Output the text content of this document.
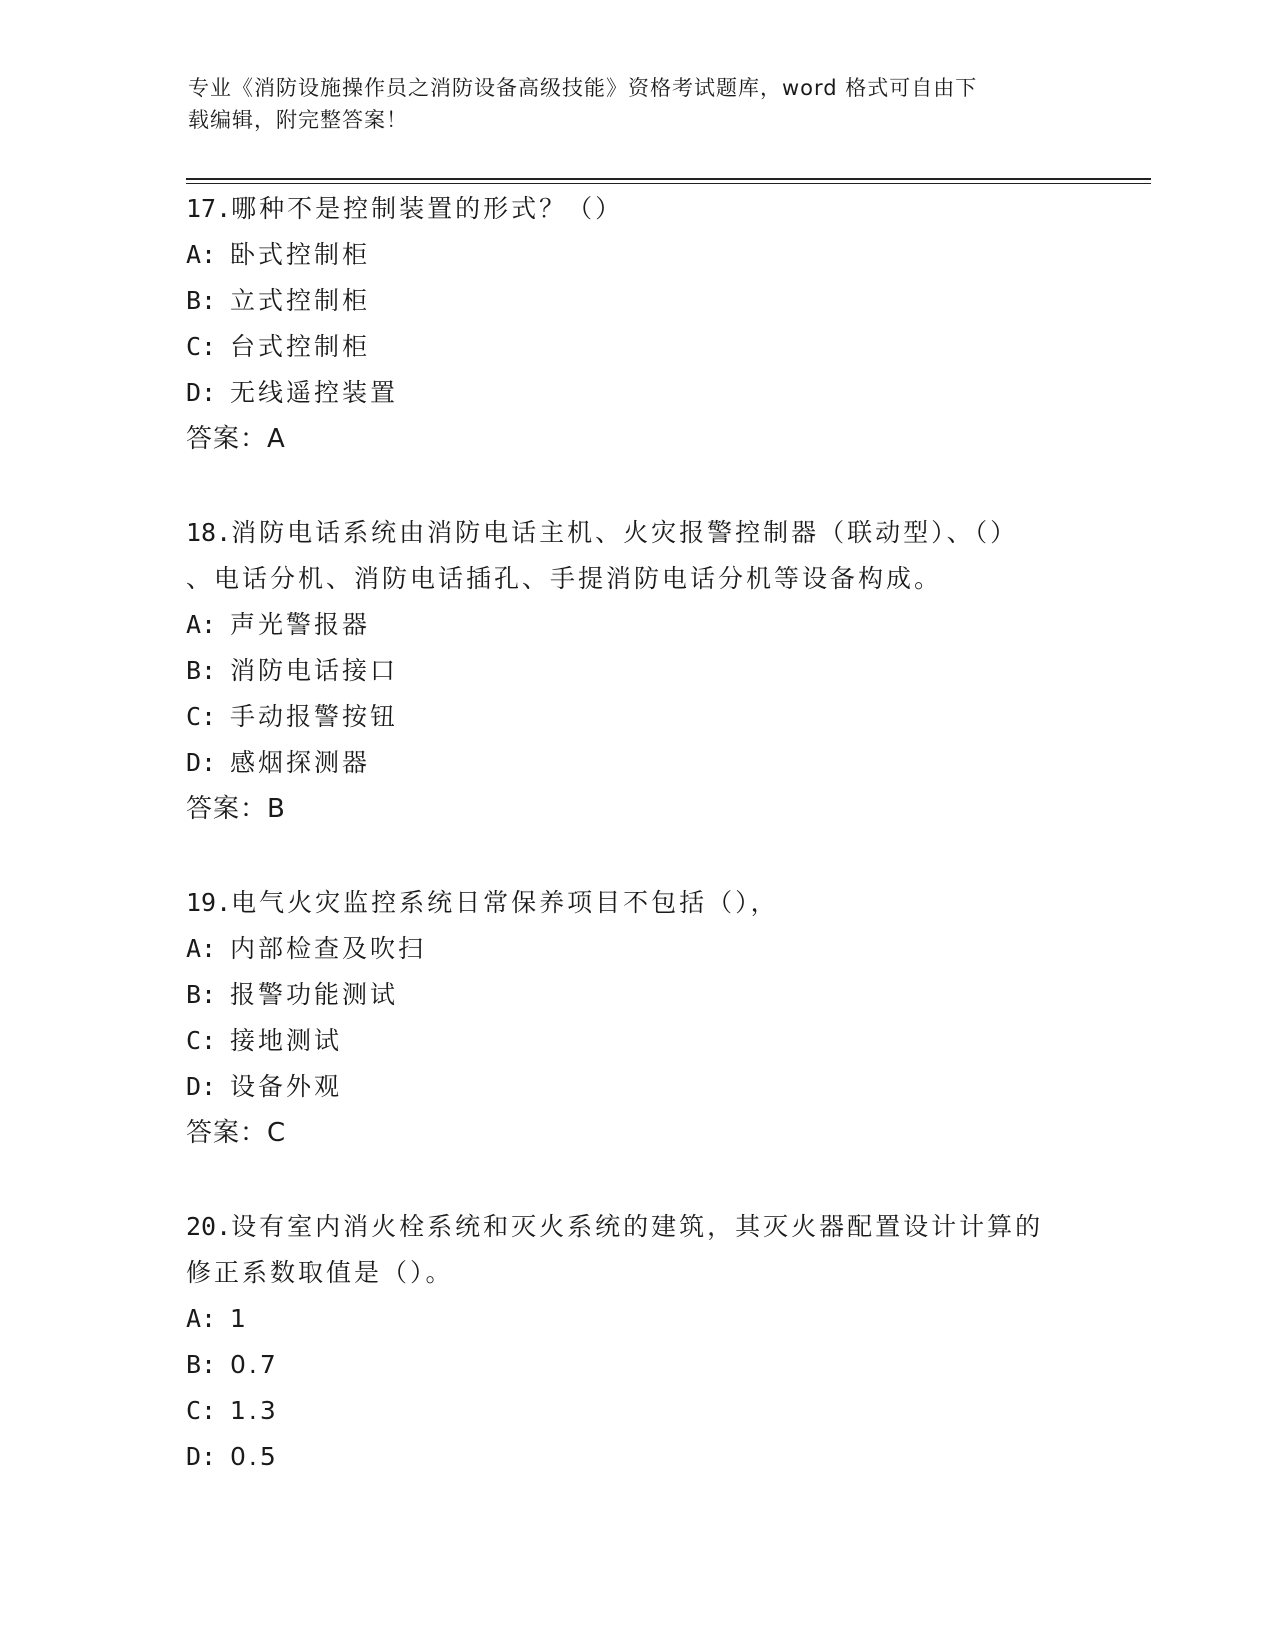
专业《消防设施操作员之消防设备高级技能》资格考试题库，word 格式可自由下
载编辑，附完整答案！
17.哪种不是控制装置的形式？（）
A: 卧式控制柜
B: 立式控制柜
C: 台式控制柜
D: 无线遥控装置
答案：A
18.消防电话系统由消防电话主机、火灾报警控制器（联动型）、（）
、电话分机、消防电话插孔、手提消防电话分机等设备构成。
A: 声光警报器
B: 消防电话接口
C: 手动报警按钮
D: 感烟探测器
答案：B
19.电气火灾监控系统日常保养项目不包括（），
A: 内部检查及吹扫
B: 报警功能测试
C: 接地测试
D: 设备外观
答案：C
20.设有室内消火栓系统和灭火系统的建筑，其灭火器配置设计计算的
修正系数取值是（）。
A: 1
B: 0.7
C: 1.3
D: 0.5
